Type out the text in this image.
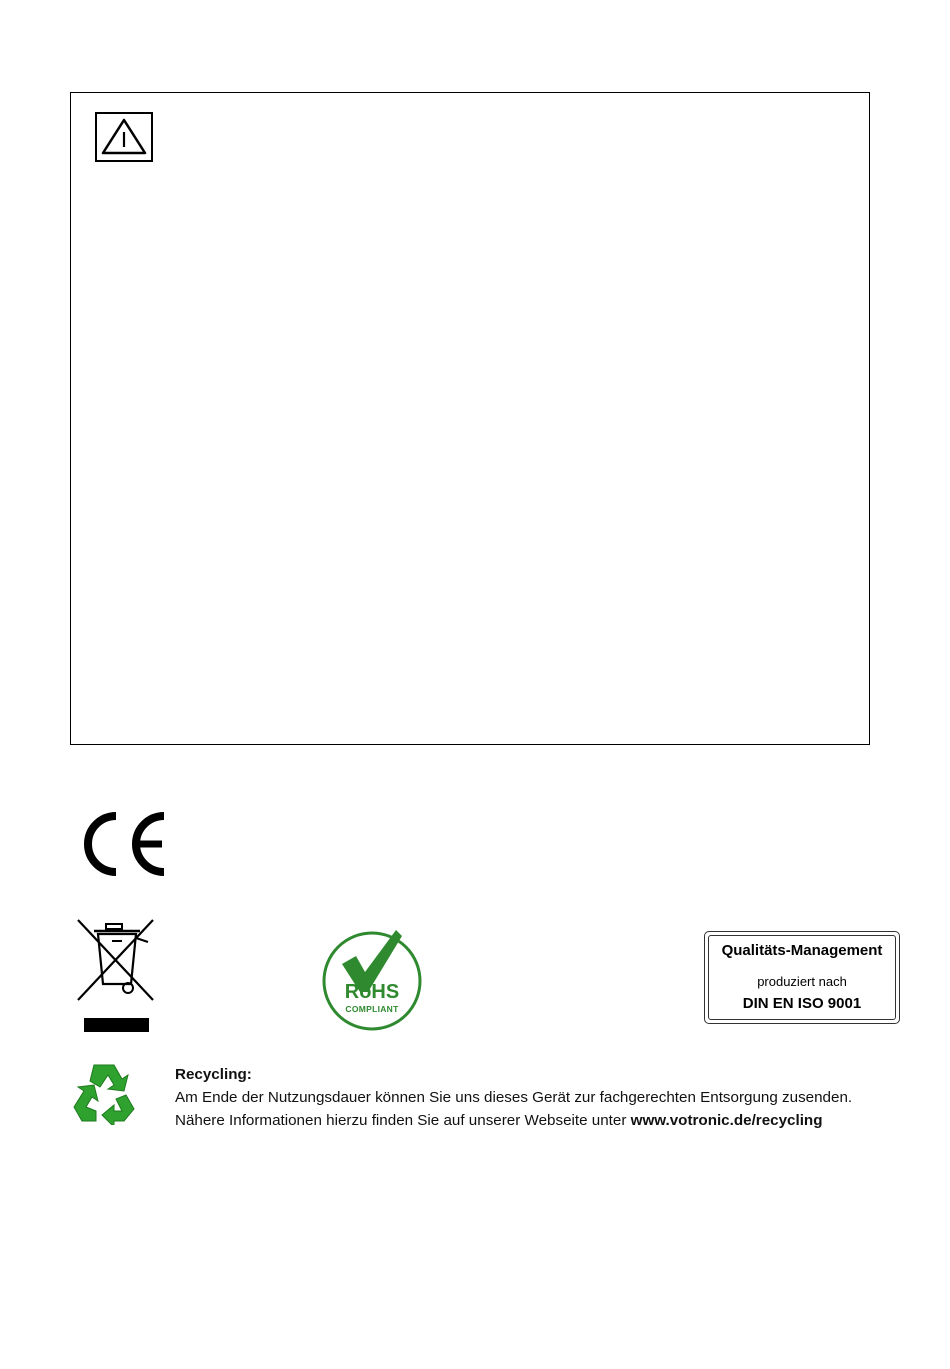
RoHS
COMPLIANT
Qualitäts-Management
produziert nach
DIN EN ISO 9001
Recycling:
Am Ende der Nutzungsdauer können Sie uns dieses Gerät zur fachgerechten Entsorgung zusenden.
Nähere Informationen hierzu finden Sie auf unserer Webseite unter www.votronic.de/recycling
